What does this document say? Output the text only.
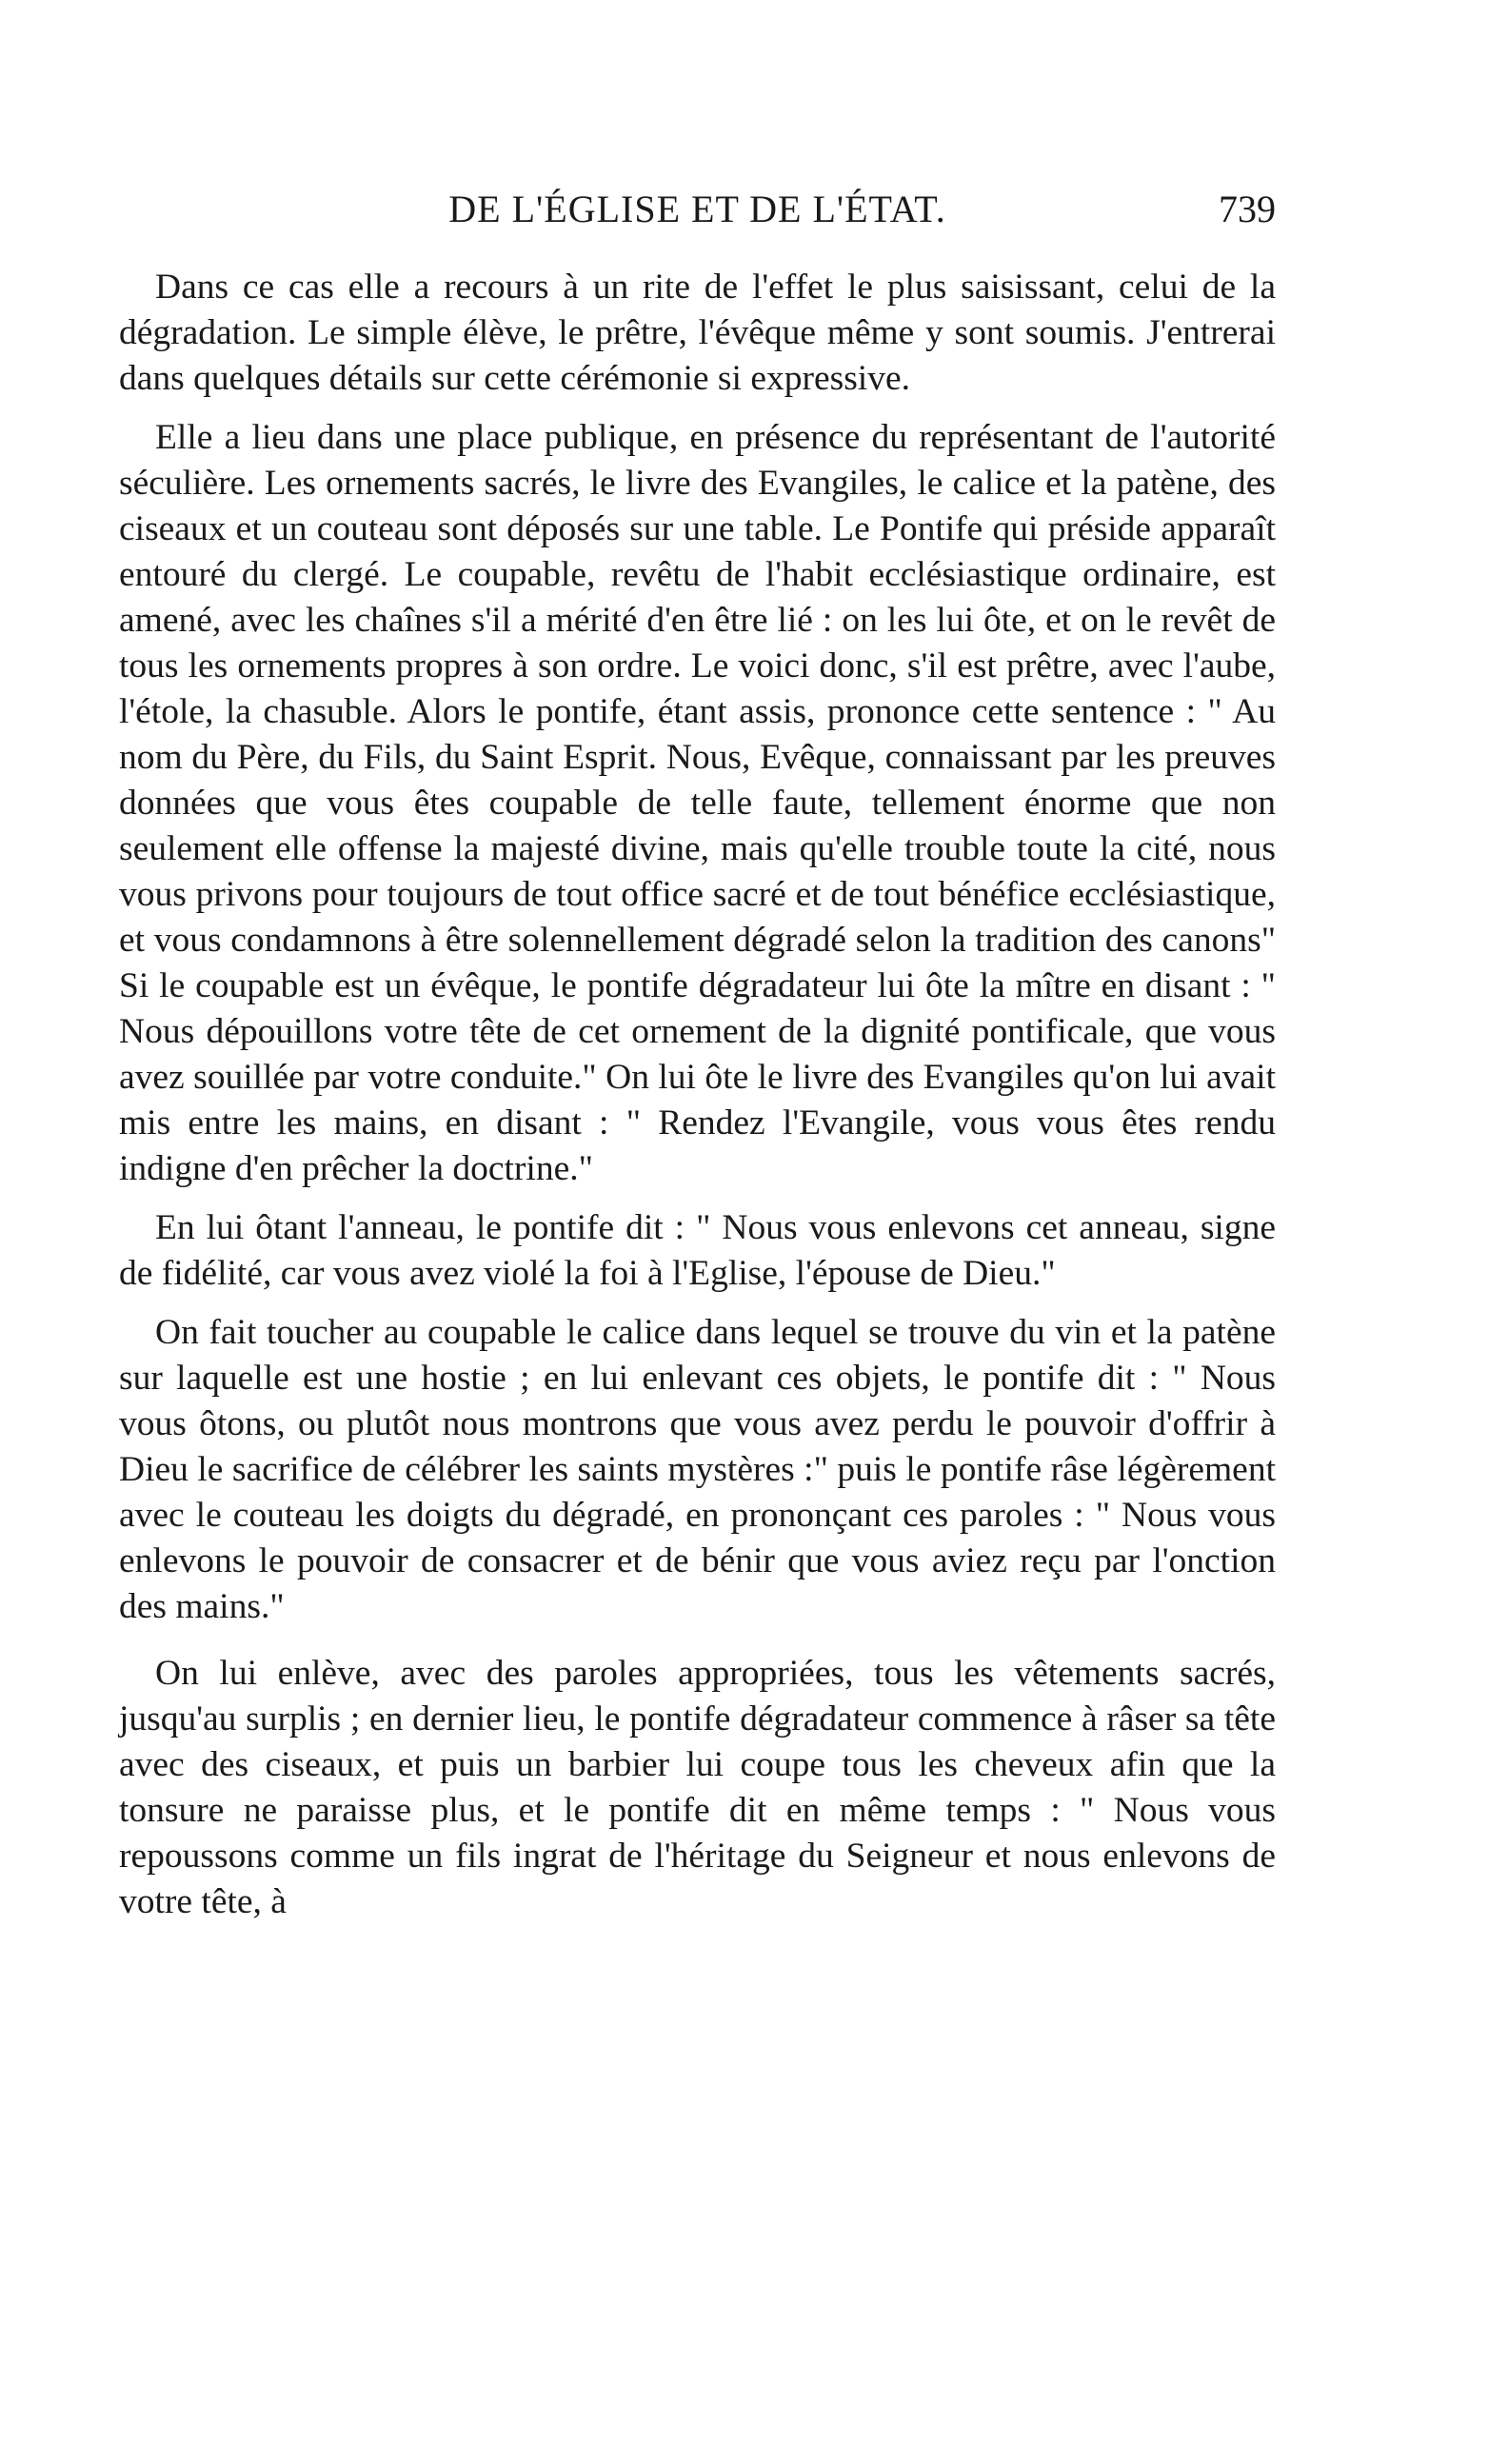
DE L'ÉGLISE ET DE L'ÉTAT.	739

Dans ce cas elle a recours à un rite de l'effet le plus saisissant, celui de la dégradation. Le simple élève, le prêtre, l'évêque même y sont soumis. J'entrerai dans quelques détails sur cette cérémonie si expressive.

Elle a lieu dans une place publique, en présence du représentant de l'autorité séculière. Les ornements sacrés, le livre des Evangiles, le calice et la patène, des ciseaux et un couteau sont déposés sur une table. Le Pontife qui préside apparaît entouré du clergé. Le coupable, revêtu de l'habit ecclésiastique ordinaire, est amené, avec les chaînes s'il a mérité d'en être lié : on les lui ôte, et on le revêt de tous les ornements propres à son ordre. Le voici donc, s'il est prêtre, avec l'aube, l'étole, la chasuble. Alors le pontife, étant assis, prononce cette sentence : " Au nom du Père, du Fils, du Saint Esprit. Nous, Evêque, connaissant par les preuves données que vous êtes coupable de telle faute, tellement énorme que non seulement elle offense la majesté divine, mais qu'elle trouble toute la cité, nous vous privons pour toujours de tout office sacré et de tout bénéfice ecclésiastique, et vous condamnons à être solennellement dégradé selon la tradition des canons" Si le coupable est un évêque, le pontife dégradateur lui ôte la mître en disant : " Nous dépouillons votre tête de cet ornement de la dignité pontificale, que vous avez souillée par votre conduite." On lui ôte le livre des Evangiles qu'on lui avait mis entre les mains, en disant : " Rendez l'Evangile, vous vous êtes rendu indigne d'en prêcher la doctrine."

En lui ôtant l'anneau, le pontife dit : " Nous vous enlevons cet anneau, signe de fidélité, car vous avez violé la foi à l'Eglise, l'épouse de Dieu."

On fait toucher au coupable le calice dans lequel se trouve du vin et la patène sur laquelle est une hostie ; en lui enlevant ces objets, le pontife dit : " Nous vous ôtons, ou plutôt nous montrons que vous avez perdu le pouvoir d'offrir à Dieu le sacrifice de célébrer les saints mystères :" puis le pontife râse légèrement avec le couteau les doigts du dégradé, en prononçant ces paroles : " Nous vous enlevons le pouvoir de consacrer et de bénir que vous aviez reçu par l'onction des mains."

On lui enlève, avec des paroles appropriées, tous les vêtements sacrés, jusqu'au surplis ; en dernier lieu, le pontife dégradateur commence à râser sa tête avec des ciseaux, et puis un barbier lui coupe tous les cheveux afin que la tonsure ne paraisse plus, et le pontife dit en même temps : " Nous vous repoussons comme un fils ingrat de l'héritage du Seigneur et nous enlevons de votre tête, à
